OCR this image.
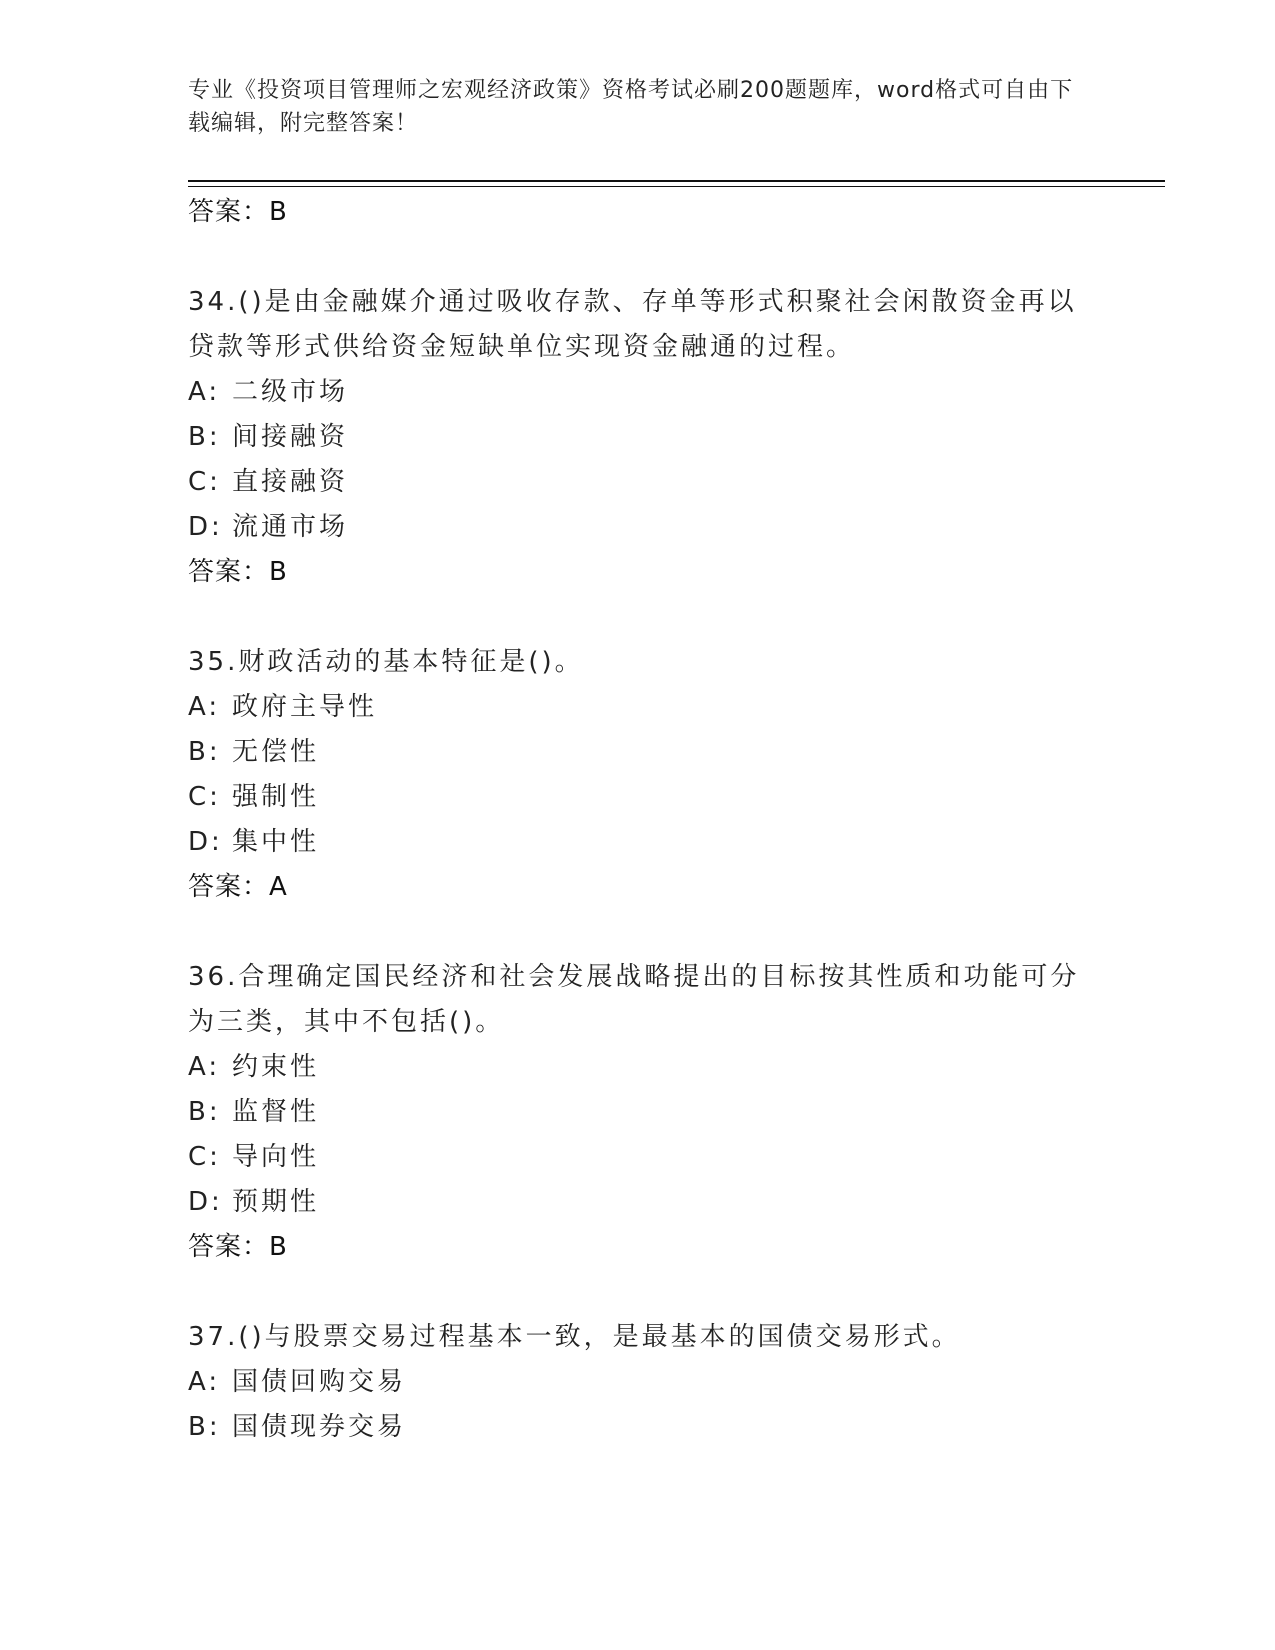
专业《投资项目管理师之宏观经济政策》资格考试必刷200题题库，word格式可自由下载编辑，附完整答案！
答案：B
34.()是由金融媒介通过吸收存款、存单等形式积聚社会闲散资金再以贷款等形式供给资金短缺单位实现资金融通的过程。
A: 二级市场
B: 间接融资
C: 直接融资
D: 流通市场
答案：B
35.财政活动的基本特征是()。
A: 政府主导性
B: 无偿性
C: 强制性
D: 集中性
答案：A
36.合理确定国民经济和社会发展战略提出的目标按其性质和功能可分为三类，其中不包括()。
A: 约束性
B: 监督性
C: 导向性
D: 预期性
答案：B
37.()与股票交易过程基本一致，是最基本的国债交易形式。
A: 国债回购交易
B: 国债现券交易
